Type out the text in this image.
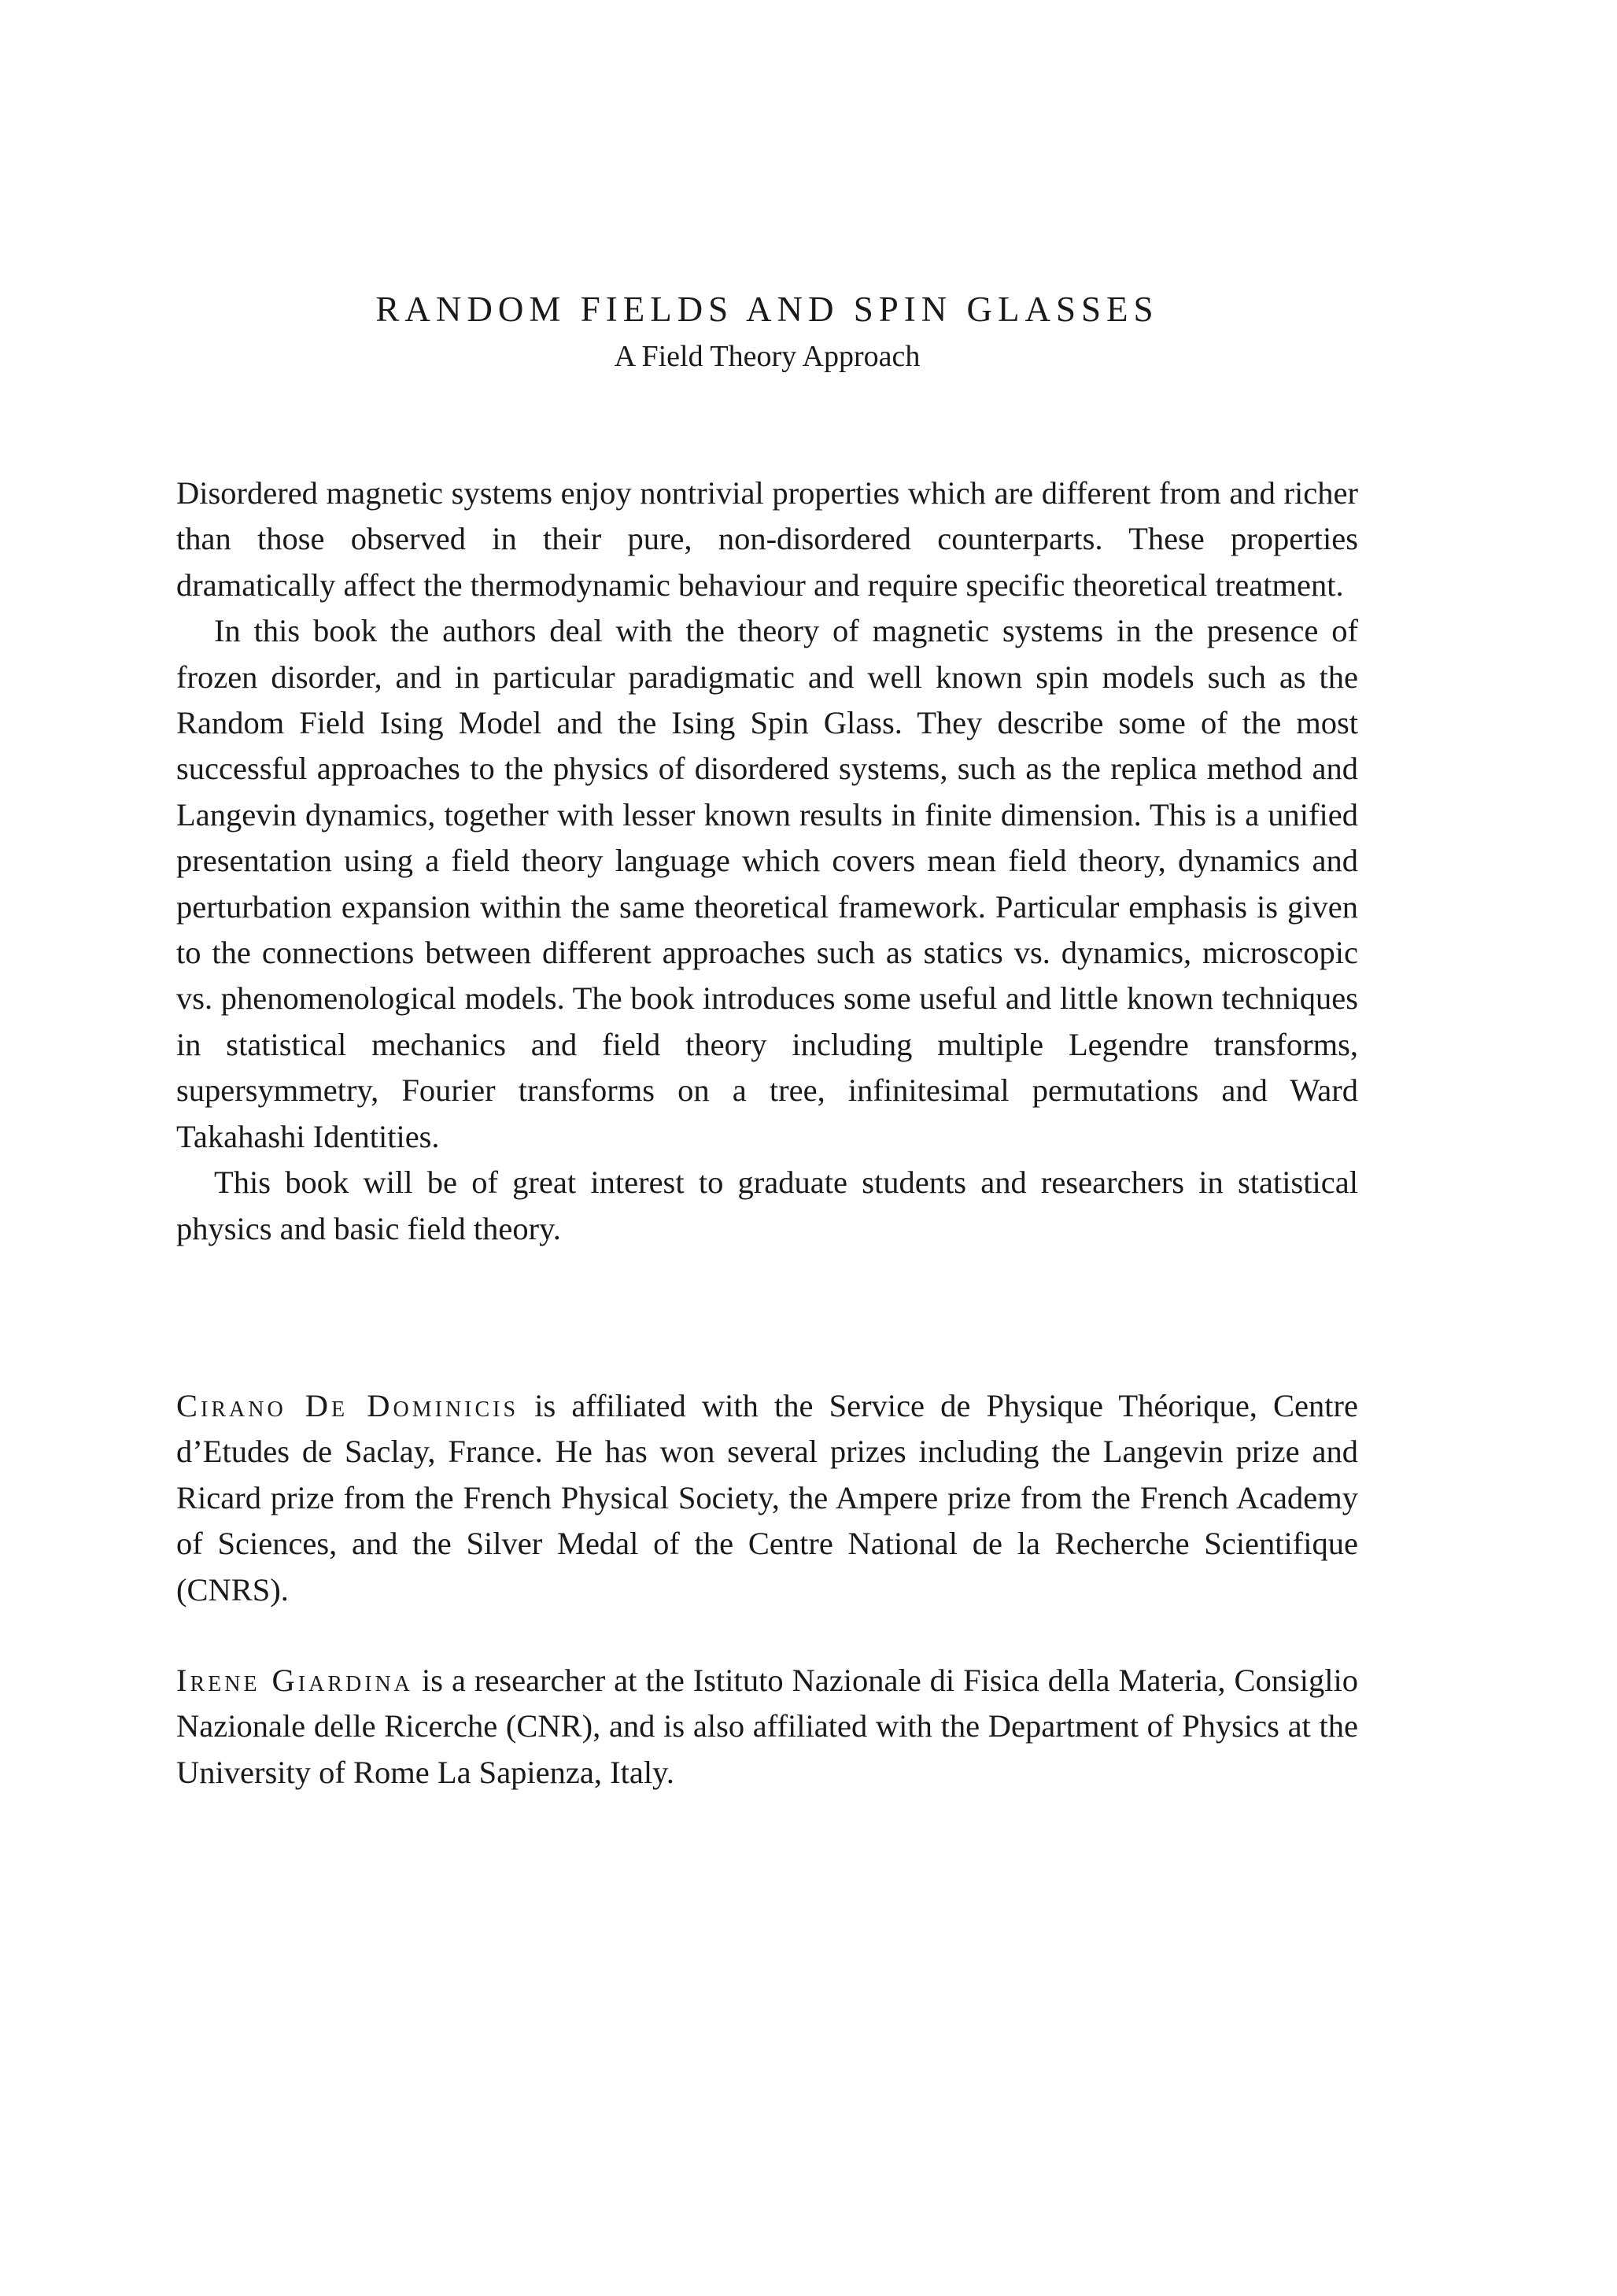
RANDOM FIELDS AND SPIN GLASSES
A Field Theory Approach

Disordered magnetic systems enjoy nontrivial properties which are different from and richer than those observed in their pure, non-disordered counterparts. These properties dramatically affect the thermodynamic behaviour and require specific theoretical treatment.

In this book the authors deal with the theory of magnetic systems in the presence of frozen disorder, and in particular paradigmatic and well known spin models such as the Random Field Ising Model and the Ising Spin Glass. They describe some of the most successful approaches to the physics of disordered systems, such as the replica method and Langevin dynamics, together with lesser known results in finite dimension. This is a unified presentation using a field theory language which covers mean field theory, dynamics and perturbation expansion within the same theoretical framework. Particular emphasis is given to the connections between different approaches such as statics vs. dynamics, microscopic vs. phenomenological models. The book introduces some useful and little known techniques in statistical mechanics and field theory including multiple Legendre transforms, supersymmetry, Fourier transforms on a tree, infinitesimal permutations and Ward Takahashi Identities.

This book will be of great interest to graduate students and researchers in statistical physics and basic field theory.

Cirano De Dominicis is affiliated with the Service de Physique Théorique, Centre d’Etudes de Saclay, France. He has won several prizes including the Langevin prize and Ricard prize from the French Physical Society, the Ampere prize from the French Academy of Sciences, and the Silver Medal of the Centre National de la Recherche Scientifique (CNRS).

Irene Giardina is a researcher at the Istituto Nazionale di Fisica della Materia, Consiglio Nazionale delle Ricerche (CNR), and is also affiliated with the Department of Physics at the University of Rome La Sapienza, Italy.
